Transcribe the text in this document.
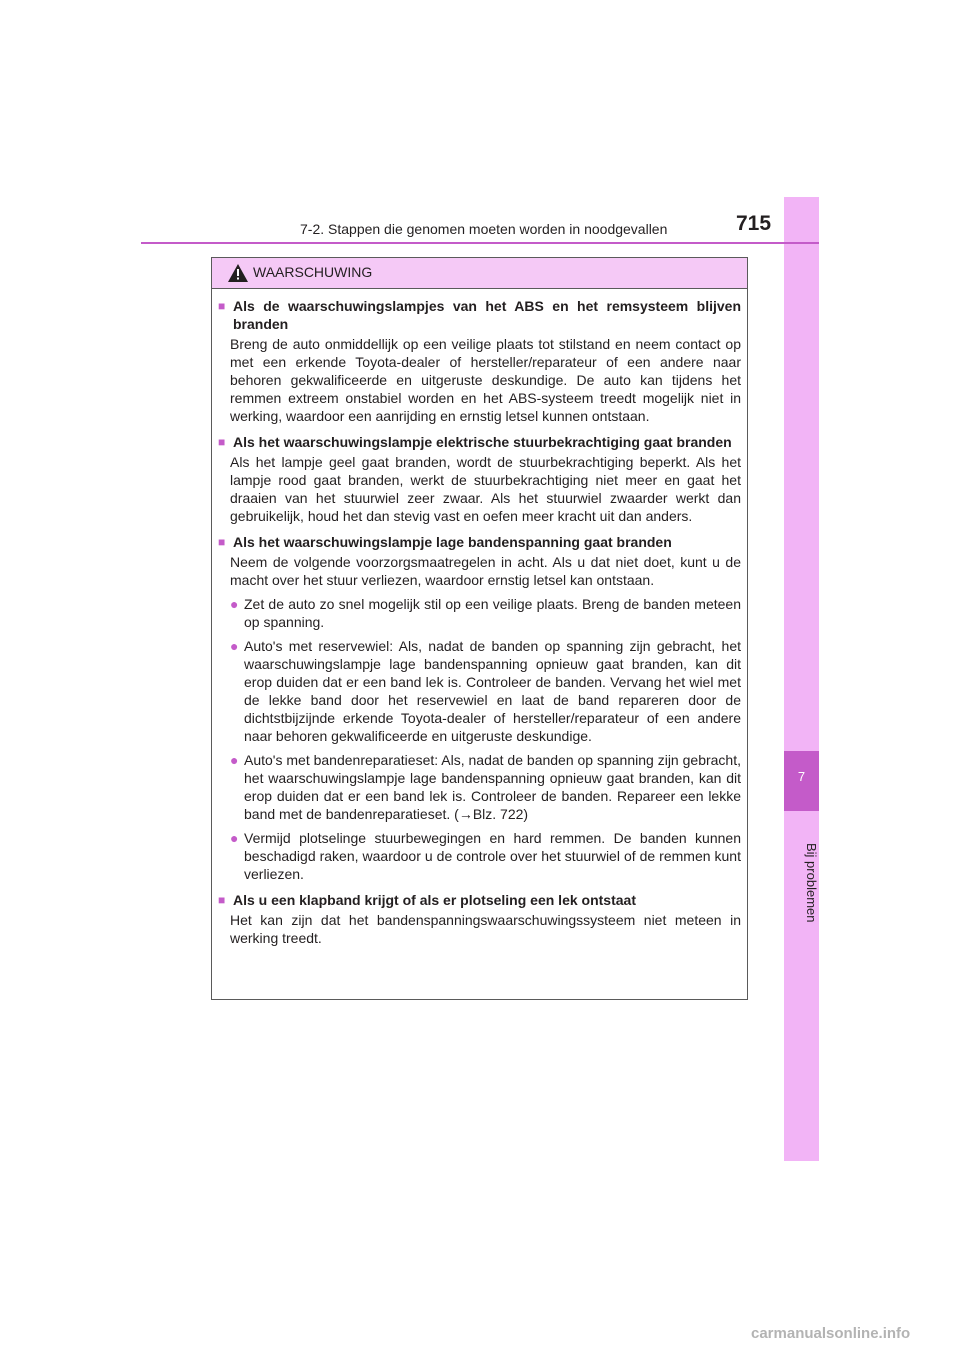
7
Bij problemen
7-2. Stappen die genomen moeten worden in noodgevallen	715
WAARSCHUWING
■ Als de waarschuwingslampjes van het ABS en het remsysteem blijven branden
Breng de auto onmiddellijk op een veilige plaats tot stilstand en neem contact op met een erkende Toyota-dealer of hersteller/reparateur of een andere naar behoren gekwalificeerde en uitgeruste deskundige. De auto kan tijdens het remmen extreem onstabiel worden en het ABS-systeem treedt mogelijk niet in werking, waardoor een aanrijding en ernstig letsel kunnen ontstaan.
■ Als het waarschuwingslampje elektrische stuurbekrachtiging gaat branden
Als het lampje geel gaat branden, wordt de stuurbekrachtiging beperkt. Als het lampje rood gaat branden, werkt de stuurbekrachtiging niet meer en gaat het draaien van het stuurwiel zeer zwaar. Als het stuurwiel zwaarder werkt dan gebruikelijk, houd het dan stevig vast en oefen meer kracht uit dan anders.
■ Als het waarschuwingslampje lage bandenspanning gaat branden
Neem de volgende voorzorgsmaatregelen in acht. Als u dat niet doet, kunt u de macht over het stuur verliezen, waardoor ernstig letsel kan ontstaan.
● Zet de auto zo snel mogelijk stil op een veilige plaats. Breng de banden meteen op spanning.
● Auto's met reservewiel: Als, nadat de banden op spanning zijn gebracht, het waarschuwingslampje lage bandenspanning opnieuw gaat branden, kan dit erop duiden dat er een band lek is. Controleer de banden. Vervang het wiel met de lekke band door het reservewiel en laat de band repareren door de dichtstbijzijnde erkende Toyota-dealer of hersteller/reparateur of een andere naar behoren gekwalificeerde en uitgeruste deskundige.
● Auto's met bandenreparatieset: Als, nadat de banden op spanning zijn gebracht, het waarschuwingslampje lage bandenspanning opnieuw gaat branden, kan dit erop duiden dat er een band lek is. Controleer de banden. Repareer een lekke band met de bandenreparatieset. (→Blz. 722)
● Vermijd plotselinge stuurbewegingen en hard remmen. De banden kunnen beschadigd raken, waardoor u de controle over het stuurwiel of de remmen kunt verliezen.
■ Als u een klapband krijgt of als er plotseling een lek ontstaat
Het kan zijn dat het bandenspanningswaarschuwingssysteem niet meteen in werking treedt.
carmanualsonline.info
